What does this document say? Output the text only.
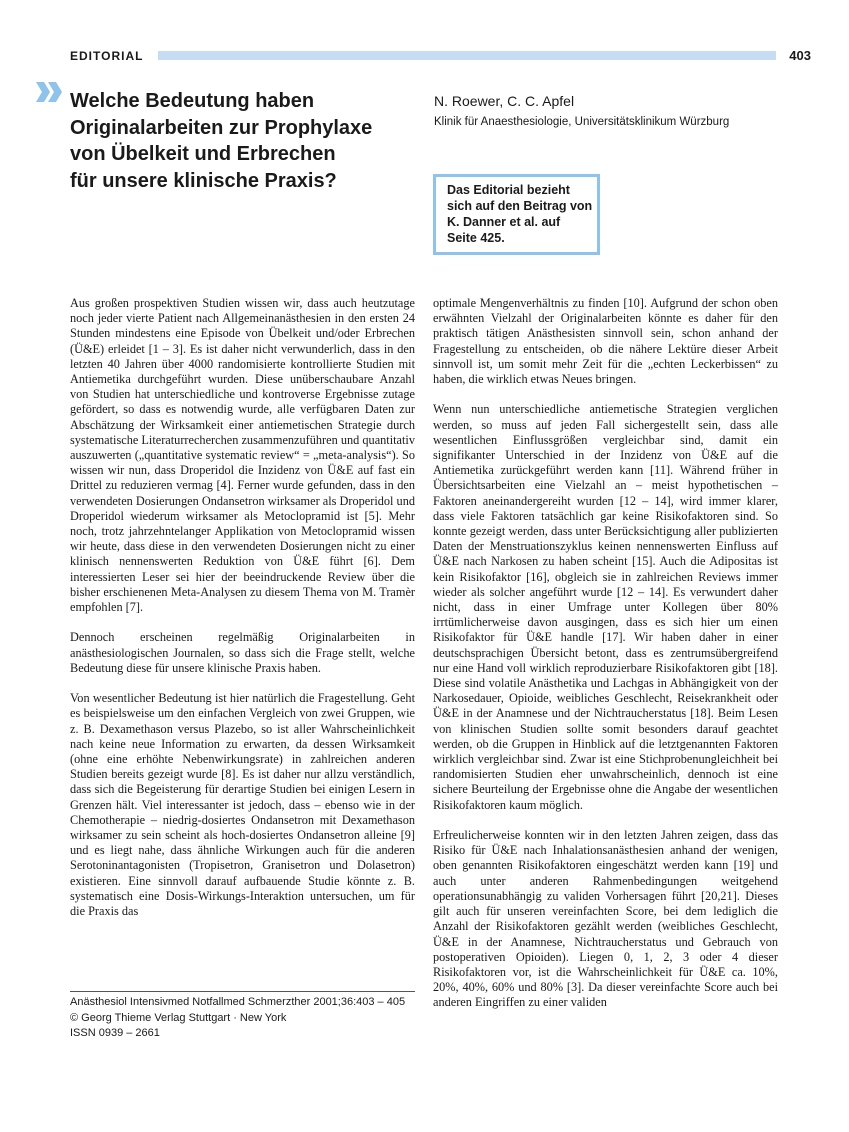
EDITORIAL	403
Welche Bedeutung haben
Originalarbeiten zur Prophylaxe
von Übelkeit und Erbrechen
für unsere klinische Praxis?
N. Roewer, C. C. Apfel
Klinik für Anaesthesiologie, Universitätsklinikum Würzburg
Das Editorial bezieht
sich auf den Beitrag von
K. Danner et al. auf
Seite 425.

Aus großen prospektiven Studien wissen wir, dass auch heutzutage noch jeder vierte Patient nach Allgemeinanästhesien in den ersten 24 Stunden mindestens eine Episode von Übelkeit und/oder Erbrechen (Ü&E) erleidet [1 – 3]. Es ist daher nicht verwunderlich, dass in den letzten 40 Jahren über 4000 randomisierte kontrollierte Studien mit Antiemetika durchgeführt wurden. Diese unüberschaubare Anzahl von Studien hat unterschiedliche und kontroverse Ergebnisse zutage gefördert, so dass es notwendig wurde, alle verfügbaren Daten zur Abschätzung der Wirksamkeit einer antiemetischen Strategie durch systematische Literaturrecherchen zusammenzuführen und quantitativ auszuwerten („quantitative systematic review“ = „meta-analysis“). So wissen wir nun, dass Droperidol die Inzidenz von Ü&E auf fast ein Drittel zu reduzieren vermag [4]. Ferner wurde gefunden, dass in den verwendeten Dosierungen Ondansetron wirksamer als Droperidol und Droperidol wiederum wirksamer als Metoclopramid ist [5]. Mehr noch, trotz jahrzehntelanger Applikation von Metoclopramid wissen wir heute, dass diese in den verwendeten Dosierungen nicht zu einer klinisch nennenswerten Reduktion von Ü&E führt [6]. Dem interessierten Leser sei hier der beeindruckende Review über die bisher erschienenen Meta-Analysen zu diesem Thema von M. Tramèr empfohlen [7].

Dennoch erscheinen regelmäßig Originalarbeiten in anästhesiologischen Journalen, so dass sich die Frage stellt, welche Bedeutung diese für unsere klinische Praxis haben.

Von wesentlicher Bedeutung ist hier natürlich die Fragestellung. Geht es beispielsweise um den einfachen Vergleich von zwei Gruppen, wie z. B. Dexamethason versus Plazebo, so ist aller Wahrscheinlichkeit nach keine neue Information zu erwarten, da dessen Wirksamkeit (ohne eine erhöhte Nebenwirkungsrate) in zahlreichen anderen Studien bereits gezeigt wurde [8]. Es ist daher nur allzu verständlich, dass sich die Begeisterung für derartige Studien bei einigen Lesern in Grenzen hält. Viel interessanter ist jedoch, dass – ebenso wie in der Chemotherapie – niedrig-dosiertes Ondansetron mit Dexamethason wirksamer zu sein scheint als hoch-dosiertes Ondansetron alleine [9] und es liegt nahe, dass ähnliche Wirkungen auch für die anderen Serotoninantagonisten (Tropisetron, Granisetron und Dolasetron) existieren. Eine sinnvoll darauf aufbauende Studie könnte z. B. systematisch eine Dosis-Wirkungs-Interaktion untersuchen, um für die Praxis das

optimale Mengenverhältnis zu finden [10]. Aufgrund der schon oben erwähnten Vielzahl der Originalarbeiten könnte es daher für den praktisch tätigen Anästhesisten sinnvoll sein, schon anhand der Fragestellung zu entscheiden, ob die nähere Lektüre dieser Arbeit sinnvoll ist, um somit mehr Zeit für die „echten Leckerbissen“ zu haben, die wirklich etwas Neues bringen.

Wenn nun unterschiedliche antiemetische Strategien verglichen werden, so muss auf jeden Fall sichergestellt sein, dass alle wesentlichen Einflussgrößen vergleichbar sind, damit ein signifikanter Unterschied in der Inzidenz von Ü&E auf die Antiemetika zurückgeführt werden kann [11]. Während früher in Übersichtsarbeiten eine Vielzahl an – meist hypothetischen – Faktoren aneinandergereiht wurden [12 – 14], wird immer klarer, dass viele Faktoren tatsächlich gar keine Risikofaktoren sind. So konnte gezeigt werden, dass unter Berücksichtigung aller publizierten Daten der Menstruationszyklus keinen nennenswerten Einfluss auf Ü&E nach Narkosen zu haben scheint [15]. Auch die Adipositas ist kein Risikofaktor [16], obgleich sie in zahlreichen Reviews immer wieder als solcher angeführt wurde [12 – 14]. Es verwundert daher nicht, dass in einer Umfrage unter Kollegen über 80% irrtümlicherweise davon ausgingen, dass es sich hier um einen Risikofaktor für Ü&E handle [17]. Wir haben daher in einer deutschsprachigen Übersicht betont, dass es zentrumsübergreifend nur eine Hand voll wirklich reproduzierbare Risikofaktoren gibt [18]. Diese sind volatile Anästhetika und Lachgas in Abhängigkeit von der Narkosedauer, Opioide, weibliches Geschlecht, Reisekrankheit oder Ü&E in der Anamnese und der Nichtraucherstatus [18]. Beim Lesen von klinischen Studien sollte somit besonders darauf geachtet werden, ob die Gruppen in Hinblick auf die letztgenannten Faktoren wirklich vergleichbar sind. Zwar ist eine Stichprobenungleichheit bei randomisierten Studien eher unwahrscheinlich, dennoch ist eine sichere Beurteilung der Ergebnisse ohne die Angabe der wesentlichen Risikofaktoren kaum möglich.

Erfreulicherweise konnten wir in den letzten Jahren zeigen, dass das Risiko für Ü&E nach Inhalationsanästhesien anhand der wenigen, oben genannten Risikofaktoren eingeschätzt werden kann [19] und auch unter anderen Rahmenbedingungen weitgehend operationsunabhängig zu validen Vorhersagen führt [20,21]. Dieses gilt auch für unseren vereinfachten Score, bei dem lediglich die Anzahl der Risikofaktoren gezählt werden (weibliches Geschlecht, Ü&E in der Anamnese, Nichtraucherstatus und Gebrauch von postoperativen Opioiden). Liegen 0, 1, 2, 3 oder 4 dieser Risikofaktoren vor, ist die Wahrscheinlichkeit für Ü&E ca. 10%, 20%, 40%, 60% und 80% [3]. Da dieser vereinfachte Score auch bei anderen Eingriffen zu einer validen

Anästhesiol Intensivmed Notfallmed Schmerzther 2001;36:403 – 405
© Georg Thieme Verlag Stuttgart · New York
ISSN 0939 – 2661
